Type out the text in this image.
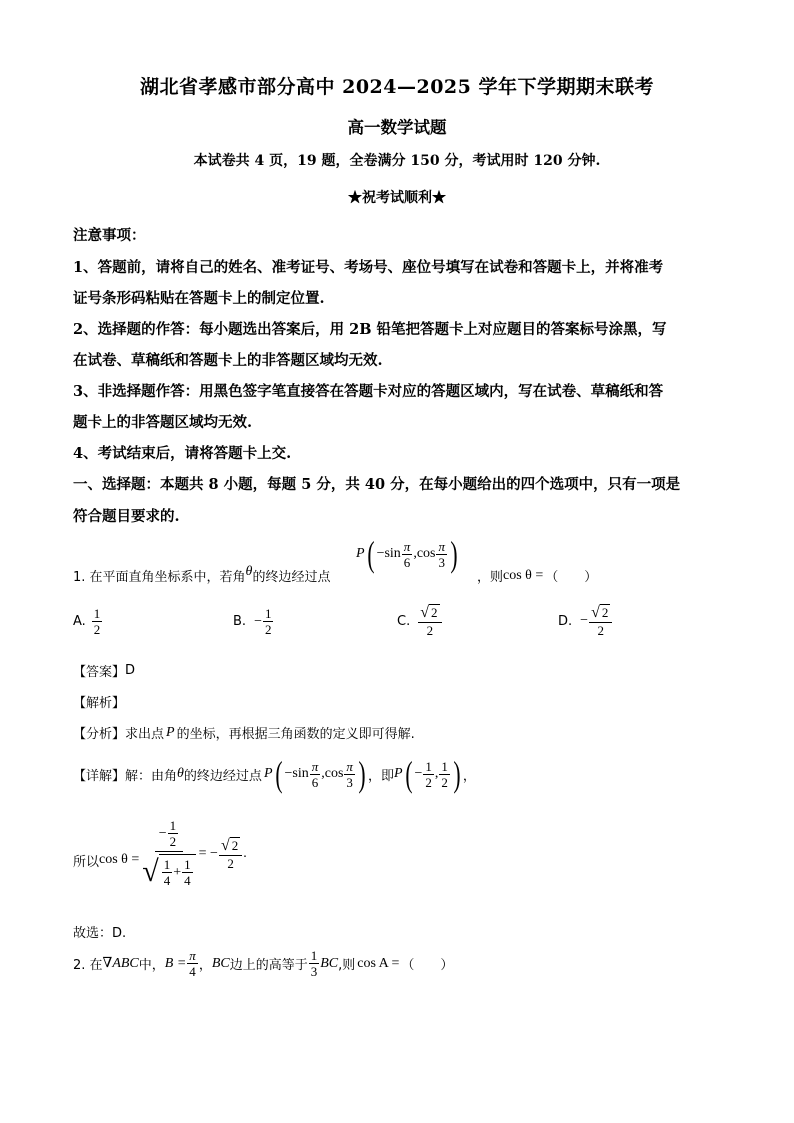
湖北省孝感市部分高中 2024—2025 学年下学期期末联考
高一数学试题
本试卷共 4 页，19 题，全卷满分 150 分，考试用时 120 分钟.
★祝考试顺利★
注意事项：
1、答题前，请将自己的姓名、准考证号、考场号、座位号填写在试卷和答题卡上，并将准考
证号条形码粘贴在答题卡上的制定位置.
2、选择题的作答：每小题选出答案后，用 2B 铅笔把答题卡上对应题目的答案标号涂黑，写
在试卷、草稿纸和答题卡上的非答题区域均无效.
3、非选择题作答：用黑色签字笔直接答在答题卡对应的答题区域内，写在试卷、草稿纸和答
题卡上的非答题区域均无效.
4、考试结束后，请将答题卡上交.
一、选择题：本题共 8 小题，每题 5 分，共 40 分，在每小题给出的四个选项中，只有一项是
符合题目要求的.
1. 在平面直角坐标系中，若角 θ 的终边经过点
P ( $-\sin \frac{\pi}{6} ,\cos \frac{\pi}{3}$ )
，则 cos θ = （　　）
A. $\frac{1}{2}$	B. − $\frac{1}{2}$	C. $\frac{√ 2}{2}$	D. − $\frac{√ 2}{2}$
【答案】 D
【解析】
【分析】 求出点 P 的坐标，再根据三角函数的定义即可得解.
【详解】 解：由角 θ 的终边经过点 P ( $-\sin \frac{\pi}{6} ,\cos \frac{\pi}{3}$ ) ，即 P ( − $\frac{1}{2}$ , $\frac{1}{2}$ ) ，
所以 $\cos \theta = \frac{- \frac{1}{2}}{√ \frac{1}{4} + \frac{1}{4}}$ = − $\frac{√ 2}{2}$ .
故选：D.
2. 在 ∇ ABC 中， $B = \frac{\pi}{4}$ ， BC 边上的高等于 $\frac{1}{3}$ BC ,则 cos A = （　　）
